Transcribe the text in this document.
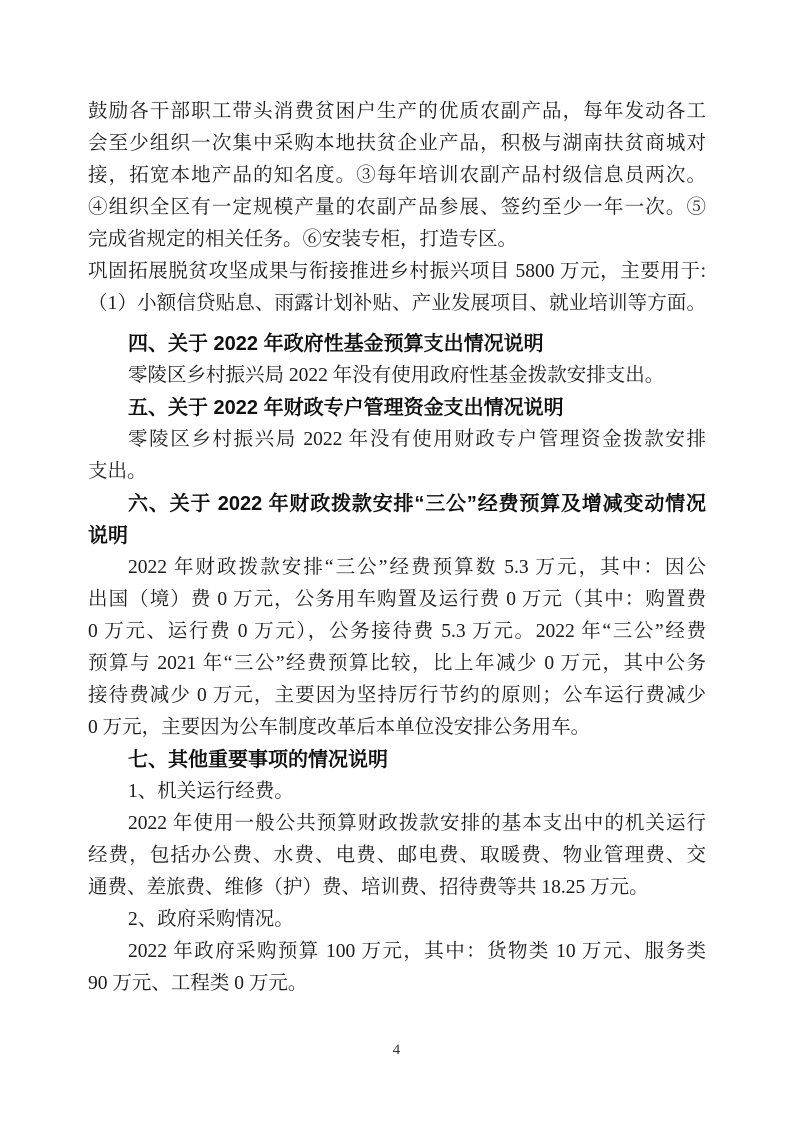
鼓励各干部职工带头消费贫困户生产的优质农副产品，每年发动各工
会至少组织一次集中采购本地扶贫企业产品，积极与湖南扶贫商城对
接，拓宽本地产品的知名度。③每年培训农副产品村级信息员两次。
④组织全区有一定规模产量的农副产品参展、签约至少一年一次。⑤
完成省规定的相关任务。⑥安装专柜，打造专区。
巩固拓展脱贫攻坚成果与衔接推进乡村振兴项目 5800 万元，主要用于:
（1）小额信贷贴息、雨露计划补贴、产业发展项目、就业培训等方面。
四、关于 2022 年政府性基金预算支出情况说明
零陵区乡村振兴局 2022 年没有使用政府性基金拨款安排支出。
五、关于 2022 年财政专户管理资金支出情况说明
零陵区乡村振兴局 2022 年没有使用财政专户管理资金拨款安排
支出。
六、关于 2022 年财政拨款安排“三公”经费预算及增减变动情况
说明
2022 年财政拨款安排“三公”经费预算数 5.3 万元，其中：因公
出国（境）费 0 万元，公务用车购置及运行费 0 万元（其中：购置费
0 万元、运行费 0 万元），公务接待费 5.3 万元。2022 年“三公”经费
预算与 2021 年“三公”经费预算比较，比上年减少 0 万元，其中公务
接待费减少 0 万元，主要因为坚持厉行节约的原则；公车运行费减少
0 万元，主要因为公车制度改革后本单位没安排公务用车。
七、其他重要事项的情况说明
1、机关运行经费。
2022 年使用一般公共预算财政拨款安排的基本支出中的机关运行
经费，包括办公费、水费、电费、邮电费、取暖费、物业管理费、交
通费、差旅费、维修（护）费、培训费、招待费等共 18.25 万元。
2、政府采购情况。
2022 年政府采购预算 100 万元，其中：货物类 10 万元、服务类
90 万元、工程类 0 万元。
4
